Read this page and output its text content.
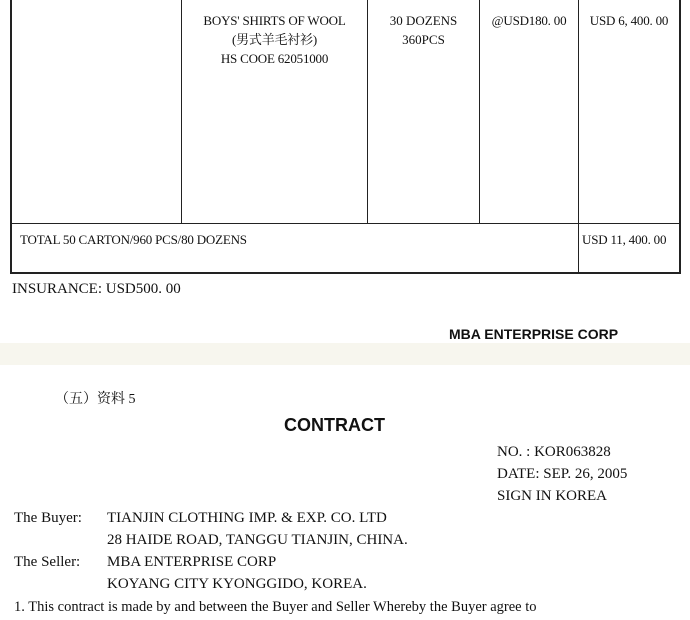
BOYS' SHIRTS OF WOOL
(男式羊毛衬衫)
HS COOE 62051000
30 DOZENS
360PCS
@USD180. 00	USD 6, 400. 00
TOTAL 50 CARTON/960 PCS/80 DOZENS	USD 11, 400. 00
INSURANCE: USD500. 00
MBA ENTERPRISE CORP
（五）资料 5
CONTRACT
NO. : KOR063828
DATE: SEP. 26, 2005
SIGN IN KOREA
The Buyer: TIANJIN CLOTHING IMP. & EXP. CO. LTD
28 HAIDE ROAD, TANGGU TIANJIN, CHINA.
The Seller: MBA ENTERPRISE CORP
KOYANG CITY KYONGGIDO, KOREA.
1. This contract is made by and between the Buyer and Seller Whereby the Buyer agree to
